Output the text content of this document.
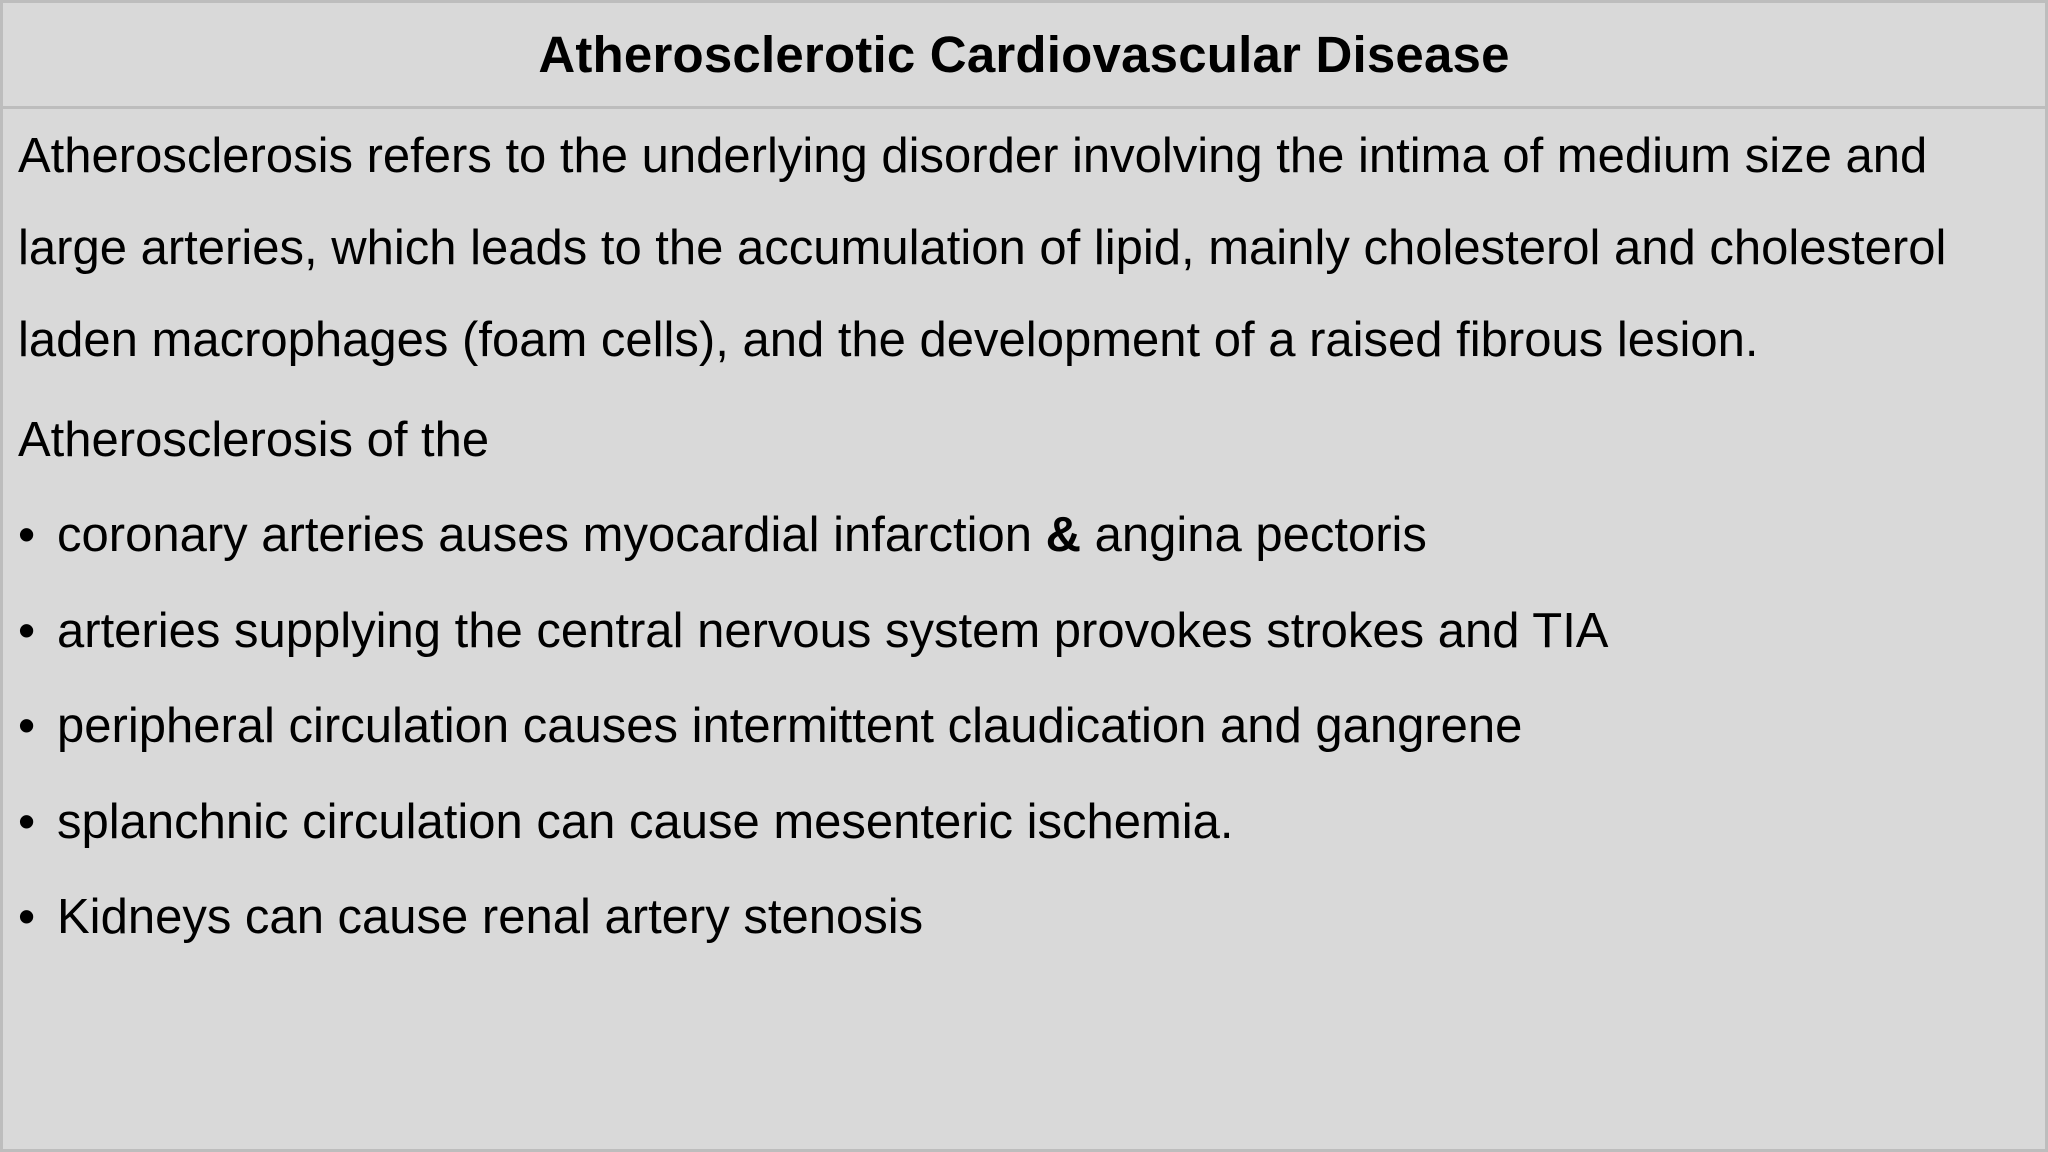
Atherosclerotic Cardiovascular Disease

Atherosclerosis refers to the underlying disorder involving the intima of medium size and large arteries, which leads to the accumulation of lipid, mainly cholesterol and cholesterol laden macrophages (foam cells), and the development of a raised fibrous lesion.

Atherosclerosis of the

• coronary arteries auses myocardial infarction & angina pectoris
• arteries supplying the central nervous system provokes strokes and TIA
• peripheral circulation causes intermittent claudication and gangrene
• splanchnic circulation can cause mesenteric ischemia.
• Kidneys can cause renal artery stenosis
